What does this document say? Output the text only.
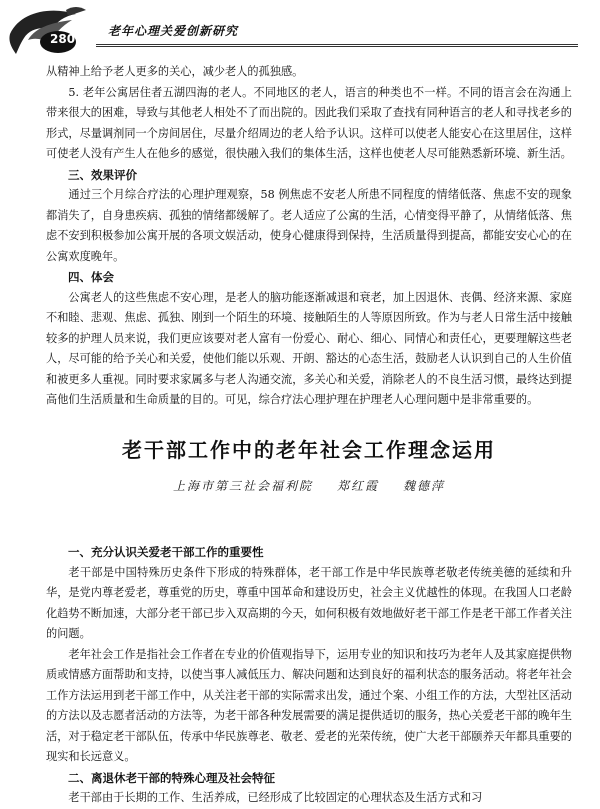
280
老年心理关爱创新研究

从精神上给予老人更多的关心，减少老人的孤独感。

5. 老年公寓居住者五湖四海的老人。不同地区的老人，语言的种类也不一样。不同的语言会在沟通上带来很大的困难，导致与其他老人相处不了而出院的。因此我们采取了查找有同种语言的老人和寻找老乡的形式，尽量调剂同一个房间居住，尽量介绍周边的老人给予认识。这样可以使老人能安心在这里居住，这样可使老人没有产生人在他乡的感觉，很快融入我们的集体生活，这样也使老人尽可能熟悉新环境、新生活。

三、效果评价

通过三个月综合疗法的心理护理观察，58 例焦虑不安老人所患不同程度的情绪低落、焦虑不安的现象都消失了，自身患疾病、孤独的情绪都缓解了。老人适应了公寓的生活，心情变得平静了，从情绪低落、焦虑不安到积极参加公寓开展的各项文娱活动，使身心健康得到保持，生活质量得到提高，都能安安心心的在公寓欢度晚年。

四、体会

公寓老人的这些焦虑不安心理，是老人的脑功能逐渐减退和衰老，加上因退休、丧偶、经济来源、家庭不和睦、悲观、焦虑、孤独、刚到一个陌生的环境、接触陌生的人等原因所致。作为与老人日常生活中接触较多的护理人员来说，我们更应该要对老人富有一份爱心、耐心、细心、同情心和责任心，更要理解这些老人，尽可能的给予关心和关爱，使他们能以乐观、开朗、豁达的心态生活，鼓励老人认识到自己的人生价值和被更多人重视。同时要求家属多与老人沟通交流，多关心和关爱，消除老人的不良生活习惯，最终达到提高他们生活质量和生命质量的目的。可见，综合疗法心理护理在护理老人心理问题中是非常重要的。

老干部工作中的老年社会工作理念运用
上海市第三社会福利院 郑红霞 魏德萍
一、充分认识关爱老干部工作的重要性

老干部是中国特殊历史条件下形成的特殊群体，老干部工作是中华民族尊老敬老传统美德的延续和升华，是党内尊老爱老，尊重党的历史，尊重中国革命和建设历史，社会主义优越性的体现。在我国人口老龄化趋势不断加速，大部分老干部已步入双高期的今天，如何积极有效地做好老干部工作是老干部工作者关注的问题。

老年社会工作是指社会工作者在专业的价值观指导下，运用专业的知识和技巧为老年人及其家庭提供物质或情感方面帮助和支持，以使当事人减低压力、解决问题和达到良好的福利状态的服务活动。将老年社会工作方法运用到老干部工作中，从关注老干部的实际需求出发，通过个案、小组工作的方法，大型社区活动的方法以及志愿者活动的方法等，为老干部各种发展需要的满足提供适切的服务，热心关爱老干部的晚年生活，对于稳定老干部队伍，传承中华民族尊老、敬老、爱老的光荣传统，使广大老干部颐养天年都具重要的现实和长远意义。

二、离退休老干部的特殊心理及社会特征

老干部由于长期的工作、生活养成，已经形成了比较固定的心理状态及生活方式和习
